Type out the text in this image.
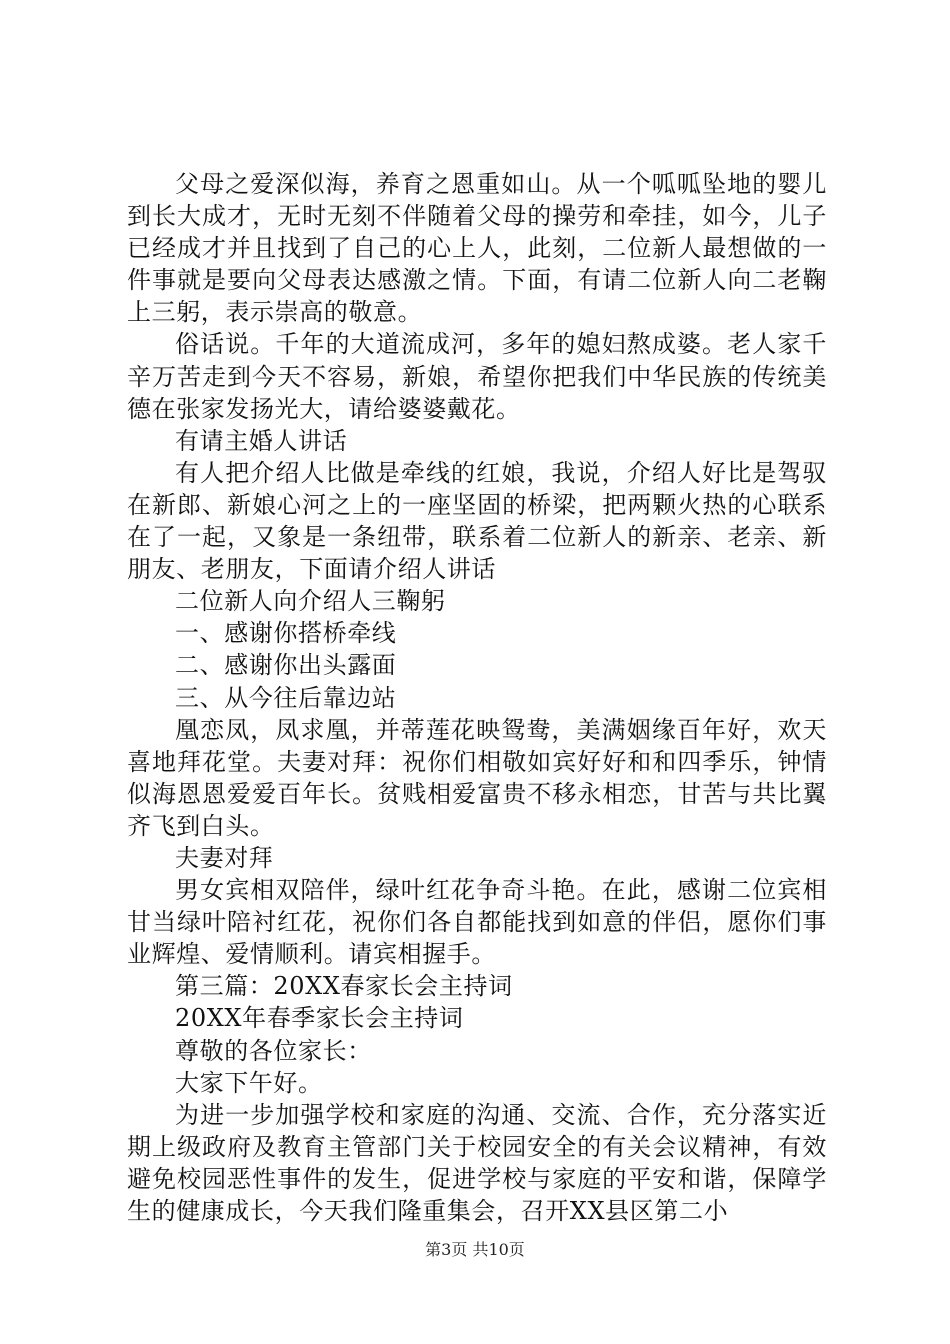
父母之爱深似海，养育之恩重如山。从一个呱呱坠地的婴儿到长大成才，无时无刻不伴随着父母的操劳和牵挂，如今，儿子已经成才并且找到了自己的心上人，此刻，二位新人最想做的一件事就是要向父母表达感激之情。下面，有请二位新人向二老鞠上三躬，表示崇高的敬意。

俗话说。千年的大道流成河，多年的媳妇熬成婆。老人家千辛万苦走到今天不容易，新娘，希望你把我们中华民族的传统美德在张家发扬光大，请给婆婆戴花。

有请主婚人讲话

有人把介绍人比做是牵线的红娘，我说，介绍人好比是驾驭在新郎、新娘心河之上的一座坚固的桥梁，把两颗火热的心联系在了一起，又象是一条纽带，联系着二位新人的新亲、老亲、新朋友、老朋友，下面请介绍人讲话

二位新人向介绍人三鞠躬

一、感谢你搭桥牵线

二、感谢你出头露面

三、从今往后靠边站

凰恋凤，凤求凰，并蒂莲花映鸳鸯，美满姻缘百年好，欢天喜地拜花堂。夫妻对拜：祝你们相敬如宾好好和和四季乐，钟情似海恩恩爱爱百年长。贫贱相爱富贵不移永相恋，甘苦与共比翼齐飞到白头。

夫妻对拜

男女宾相双陪伴，绿叶红花争奇斗艳。在此，感谢二位宾相甘当绿叶陪衬红花，祝你们各自都能找到如意的伴侣，愿你们事业辉煌、爱情顺利。请宾相握手。

第三篇：20XX春家长会主持词

20XX年春季家长会主持词

尊敬的各位家长：

大家下午好。

为进一步加强学校和家庭的沟通、交流、合作，充分落实近期上级政府及教育主管部门关于校园安全的有关会议精神，有效避免校园恶性事件的发生，促进学校与家庭的平安和谐，保障学生的健康成长，今天我们隆重集会，召开XX县区第二小

第3页 共10页
